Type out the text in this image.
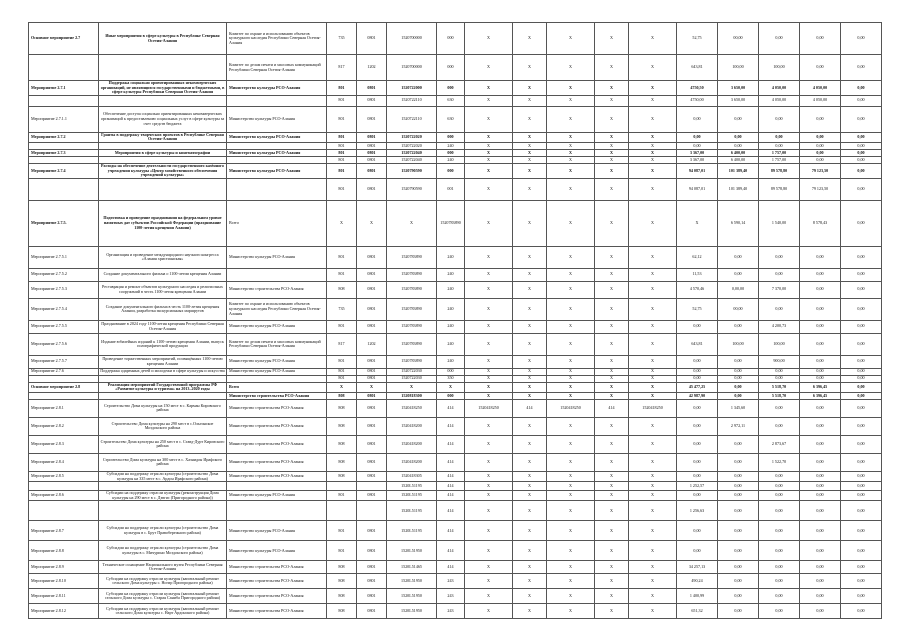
Основное мероприятие 2.7	Иные мероприятия в сфере культуры в Республике Северная Осетия-Алания	Комитет по охране и использованию объектов культурного наследия Республики Северная Осетия-Алания	735	0801	1520700000	000	X	X	X	X	X	52,75	00,00	0,00	0,00	0,00	
		Комитет по делам печати и массовых коммуникаций Республики Северная Осетия-Алания	817	1202	1520700000	000	X	X	X	X	X	643,81	100,00	100,00	0,00	0,00	
Мероприятие 2.7.1	Поддержка социально ориентированных некоммерческих организаций, не являющихся государственными и бюджетными, в сфере культуры Республики Северная Осетия-Алания	Министерство культуры РСО-Алания	801	0801	1520722000	000	X	X	X	X	X	4750,50	3 650,00	4 050,00	4 050,00	0,00	
			801	0801	1520722110	630	X	X	X	X	X	4750,00	3 650,00	4 050,00	4 050,00	0,00	
Мероприятие 2.7.1.1	Обеспечение доступа социально ориентированных некоммерческих организаций к предоставлению социальных услуг в сфере культуры за счет средств бюджета	Министерство культуры РСО-Алания	801	0801	1520722110	630	X	X	X	X	X	0,00	0,00	0,00	0,00	0,00	
Мероприятие 2.7.2	Гранты в поддержку творческих проектов в Республике Северная Осетия-Алания	Министерство культуры РСО-Алания	801	0801	1520722020	000	X	X	X	X	X	0,00	0,00	0,00	0,00	0,00	
			801	0801	1520722020	240	X	X	X	X	X	0,00	0,00	0,00	0,00	0,00	
Мероприятие 2.7.3	Мероприятия в сфере культуры и кинематографии	Министерство культуры РСО-Алания	801	0801	1520722040	000	X	X	X	X	X	3 367,00	6 400,00	1 757,00	0,00	0,00	
			801	0801	1520722040	240	X	X	X	X	X	3 367,00	6 400,00	1 757,00	0,00	0,00	
Мероприятие 2.7.4	Расходы на обеспечение деятельности государственного казённого учреждения культуры «Центр хозяйственного обеспечения учреждений культуры»	Министерство культуры РСО-Алания	801	0801	1520790590	000	X	X	X	X	X	94 087,01	101 389,40	89 578,80	79 123,50	0,00	
			801	0801	1520790590	001	X	X	X	X	X	94 087,01	101 389,40	89 578,80	79 123,50	0,00	
Мероприятие 2.7.5.	Подготовка и проведение празднования на федеральном уровне памятных дат субъектов Российской Федерации (празднование 1100-летия крещения Алании)	Всего	X	X	X	1520783890	X	X	X	X	X	X	6 590,14	1 540,00	8 578,43	0,00	
Мероприятие 2.7.5.1	Организация и проведение международного научного конгресса «Алания христианская»	Министерство культуры РСО-Алания	801	0801	1520783890	240	X	X	X	X	X	62,12	0,00	0,00	0,00	0,00	
Мероприятие 2.7.5.2	Создание документального фильма о 1100-летии крещения Алании		801	0801	1520783890	240	X	X	X	X	X	11,53	0,00	0,00	0,00	0,00	
Мероприятие 2.7.5.3	Реставрация и ремонт объектов культурного наследия и религиозных сооружений в честь 1100-летия крещения Алании	Министерство строительства РСО-Алания	808	0801	1520783890	240	X	X	X	X	X	4 570,46	0,00,00	7 370,00	0,00	0,00	
Мероприятие 2.7.5.4	Создание документального фильма в честь 1100-летия крещения Алании, разработка экскурсионных маршрутов	Комитет по охране и использованию объектов культурного наследия Республики Северная Осетия-Алания	735	0801	1520783890	240	X	X	X	X	X	52,75	00,00	0,00	0,00	0,00	
Мероприятие 2.7.5.5	Празднование в 2024 году 1100-летия крещения Республики Северная Осетия-Алания	Министерство культуры РСО-Алания	801	0801	1520783890	240	X	X	X	X	X	0,00	0,00	4 200,73	0,00	0,00	
Мероприятие 2.7.5.6	Издание юбилейных изданий к 1100-летию крещения Алании, выпуск полиграфической продукции	Комитет по делам печати и массовых коммуникаций Республики Северная Осетия-Алания	817	1202	1520783890	240	X	X	X	X	X	643,81	100,00	100,00	0,00	0,00	
Мероприятие 2.7.5.7	Проведение торжественных мероприятий, посвящённых 1100-летию крещения Алании	Министерство культуры РСО-Алания	801	0801	1520783890	240	X	X	X	X	X	0,00	0,00	900,00	0,00	0,00	
Мероприятие 2.7.6	Поддержка одаренных детей и молодежи в сфере культуры и искусства	Министерство культуры РСО-Алания	801	0801	1520722030	000	X	X	X	X	X	0,00	0,00	0,00	0,00	0,00	
			801	0801	1520722030	350	X	X	X	X	X	0,00	0,00	0,00	0,00	0,00	
Основное мероприятие 2.8	Реализация мероприятий Государственной программы РФ «Развитие культуры и туризма» на 2013–2020 годы	Всего	X	X	X	X	X	X	X	X	X	45 477,25	0,00	5 518,70	6 396,45	0,00	
		Министерство строительства РСО-Алания	808	0801	1520818300	000	X	X	X	X	X	42 987,90	0,00	5 518,70	6 396,45	0,00	
Мероприятие 2.8.1	Строительство Дома культуры на 150 мест в с. Карман Кировского района	Министерство строительства РСО-Алания	808	0801	1520418250	414	1520418250	414	1520418250	414	1520418250	0,00	1 345,60	0,00	0,00	0,00	
Мероприятие 2.8.2	Строительство Дома культуры на 290 мест в с.Ольгинское Моздокского района	Министерство строительства РСО-Алания	808	0801	1520418200	414	X	X	X	X	X	0,00	2 972,11	0,00	0,00	0,00	
Мероприятие 2.8.3	Строительство Дома культуры на 250 мест в с. Ставд-Дурт Кировского района	Министерство строительства РСО-Алания	808	0801	1520418200	414	X	X	X	X	X	0,00	0,00	2 873,67	0,00	0,00	
Мероприятие 2.8.4	Строительство Дома культуры на 300 мест в с. Хазнидон Ирафского района	Министерство строительства РСО-Алания	808	0801	1520418200	414	X	X	X	X	X	0,00	0,00	1 522,70	0,00	0,00	
Мероприятие 2.8.5	Субсидии на поддержку отрасли культуры (строительство Дома культуры на 335 мест в с. Ардон Ирафского района)	Министерство строительства РСО-Алания	808	0801	1520418305	414	X	X	X	X	X	0,00	0,00	0,00	0,00	0,00	
					1520L51195	414	X	X	X	X	X	1 252,57	0,00	0,00	0,00	0,00	
Мероприятие 2.8.6	Субсидии на поддержку отрасли культуры (реконструкция Дома культуры на 290 мест в с. Дзвгис (Пригородного района))	Министерство культуры РСО-Алания	801	0801	1520L51195	414	X	X	X	X	X	0,00	0,00	0,00	0,00	0,00	
					1520L51195	414	X	X	X	X	X	1 256,63	0,00	0,00	0,00	0,00	
Мероприятие 2.8.7	Субсидии на поддержку отрасли культуры (строительство Дома культуры в с. Брут Правобережного района)	Министерство культуры РСО-Алания	801	0801	1520L51195	414	X	X	X	X	X	0,00	0,00	0,00	0,00	0,00	
Мероприятие 2.8.8	Субсидии на поддержку отрасли культуры (строительство Дома культуры в с. Мичурино Моздокского района)	Министерство культуры РСО-Алания	801	0801	1520L51950	414	X	X	X	X	X	0,00	0,00	0,00	0,00	0,00	
Мероприятие 2.8.9	Техническое оснащение Национального музея Республики Северная Осетия-Алания	Министерство строительства РСО-Алания	808	0801	1520L51465	414	X	X	X	X	X	34 257,13	0,00	0,00	0,00	0,00	
Мероприятие 2.8.10	Субсидии на поддержку отрасли культуры (капитальный ремонт сельского Дома культуры с. Ногир Пригородного района)	Министерство строительства РСО-Алания	808	0801	1520L51950	243	X	X	X	X	X	490,24	0,00	0,00	0,00	0,00	
Мероприятие 2.8.11	Субсидии на поддержку отрасли культуры (капитальный ремонт сельского Дома культуры с. Старая Саниба Пригородного района)	Министерство строительства РСО-Алания	808	0801	1520L51950	243	X	X	X	X	X	1 400,99	0,00	0,00	0,00	0,00	
Мероприятие 2.8.12	Субсидии на поддержку отрасли культуры (капитальный ремонт сельского Дома культуры с. Нарт Ардонского района)	Министерство строительства РСО-Алания	808	0801	1520L51950	243	X	X	X	X	X	651,32	0,00	0,00	0,00	0,00	
